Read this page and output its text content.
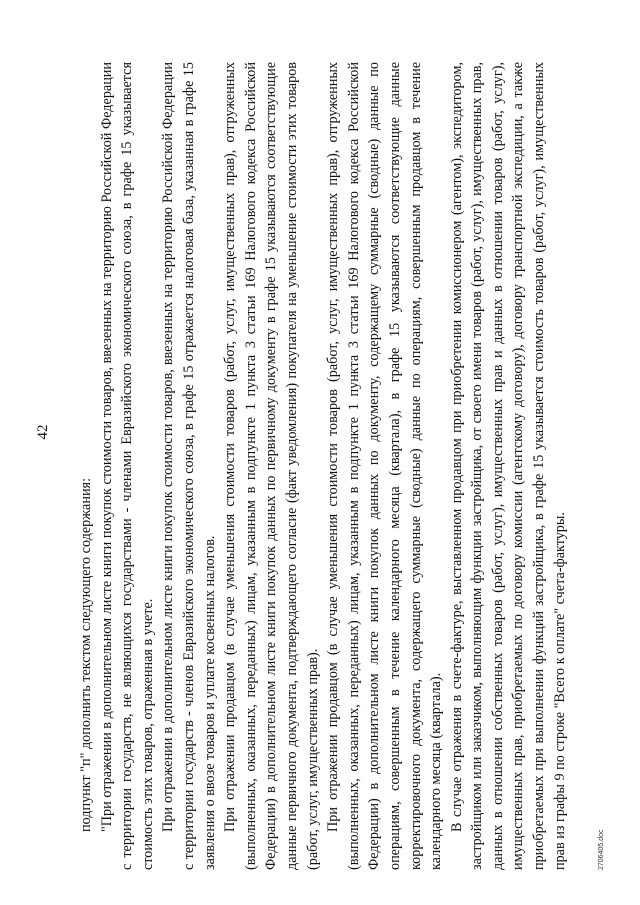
42

подпункт "п" дополнить текстом следующего содержания: "При отражении в дополнительном листе книги покупок стоимости товаров, ввезенных на территорию Российской Федерации с территории государств, не являющихся государствами - членами Евразийского экономического союза, в графе 15 указывается стоимость этих товаров, отраженная в учете. При отражении в дополнительном листе книги покупок стоимости товаров, ввезенных на территорию Российской Федерации с территории государств - членов Евразийского экономического союза, в графе 15 отражается налоговая база, указанная в графе 15 заявления о ввозе товаров и уплате косвенных налогов. При отражении продавцом (в случае уменьшения стоимости товаров (работ, услуг, имущественных прав), отгруженных (выполненных, оказанных, переданных) лицам, указанным в подпункте 1 пункта 3 статьи 169 Налогового кодекса Российской Федерации) в дополнительном листе книги покупок данных по первичному документу в графе 15 указываются соответствующие данные первичного документа, подтверждающего согласие (факт уведомления) покупателя на уменьшение стоимости этих товаров (работ, услуг, имущественных прав). При отражении продавцом (в случае уменьшения стоимости товаров (работ, услуг, имущественных прав), отгруженных (выполненных, оказанных, переданных) лицам, указанным в подпункте 1 пункта 3 статьи 169 Налогового кодекса Российской Федерации) в дополнительном листе книги покупок данных по документу, содержащему суммарные (сводные) данные по операциям, совершенным в течение календарного месяца (квартала), в графе 15 указываются соответствующие данные корректировочного документа, содержащего суммарные (сводные) данные по операциям, совершенным продавцом в течение календарного месяца (квартала). В случае отражения в счете-фактуре, выставленном продавцом при приобретении комиссионером (агентом), экспедитором, застройщиком или заказчиком, выполняющим функции застройщика, от своего имени товаров (работ, услуг), имущественных прав, данных в отношении собственных товаров (работ, услуг), имущественных прав и данных в отношении товаров (работ, услуг), имущественных прав, приобретаемых по договору комиссии (агентскому договору), договору транспортной экспедиции, а также приобретаемых при выполнении функций застройщика, в графе 15 указывается стоимость товаров (работ, услуг), имущественных прав из графы 9 по строке "Всего к оплате" счета-фактуры.	2706405.doc
